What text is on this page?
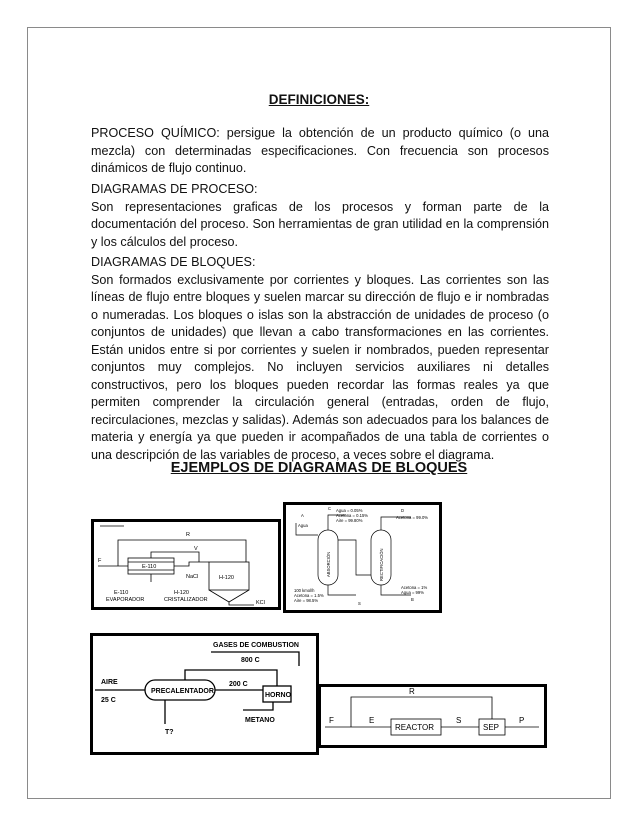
DEFINICIONES:

PROCESO QUÍMICO: persigue la obtención de un producto químico (o una mezcla) con determinadas especificaciones. Con frecuencia son procesos dinámicos de flujo continuo.

DIAGRAMAS DE PROCESO:

Son representaciones graficas de los procesos y forman parte de la documentación del proceso. Son herramientas de gran utilidad en la comprensión y los cálculos del proceso.

DIAGRAMAS DE BLOQUES:

Son formados exclusivamente por corrientes y bloques. Las corrientes son las líneas de flujo entre bloques y suelen marcar su dirección de flujo e ir nombradas o numeradas. Los bloques o islas son la abstracción de unidades de proceso (o conjuntos de unidades) que llevan a cabo transformaciones en las corrientes. Están unidos entre si por corrientes y suelen ir nombrados, pueden representar conjuntos muy complejos. No incluyen servicios auxiliares ni detalles constructivos, pero los bloques pueden recordar las formas reales ya que permiten comprender la circulación general (entradas, orden de flujo, recirculaciones, mezclas y salidas). Además son adecuados para los balances de materia y energía ya que pueden ir acompañados de una tabla de corrientes o una descripción de las variables de proceso, a veces sobre el diagrama.

EJEMPLOS DE DIAGRAMAS DE BLOQUES
R
F
V
E-110
H-120
NaCl
KCl
E-110
EVAPORADOR
H-120
CRISTALIZADOR
C
A
Agua
Agua = 0.05%
Acetona = 0.15%
Aire = 99.80%
D
Acetona = 99.0%
100 kmol/h
Acetona = 1.5%
Aire = 98.5%
S
Acetona = 1%
Agua = 99%
B
ABSORCIÓN	RECTIFICACIÓN
GASES DE COMBUSTION
800 C
AIRE
25 C
PRECALENTADOR
200 C
HORNO
METANO
T?
R
F	E	S	P
REACTOR	SEP
